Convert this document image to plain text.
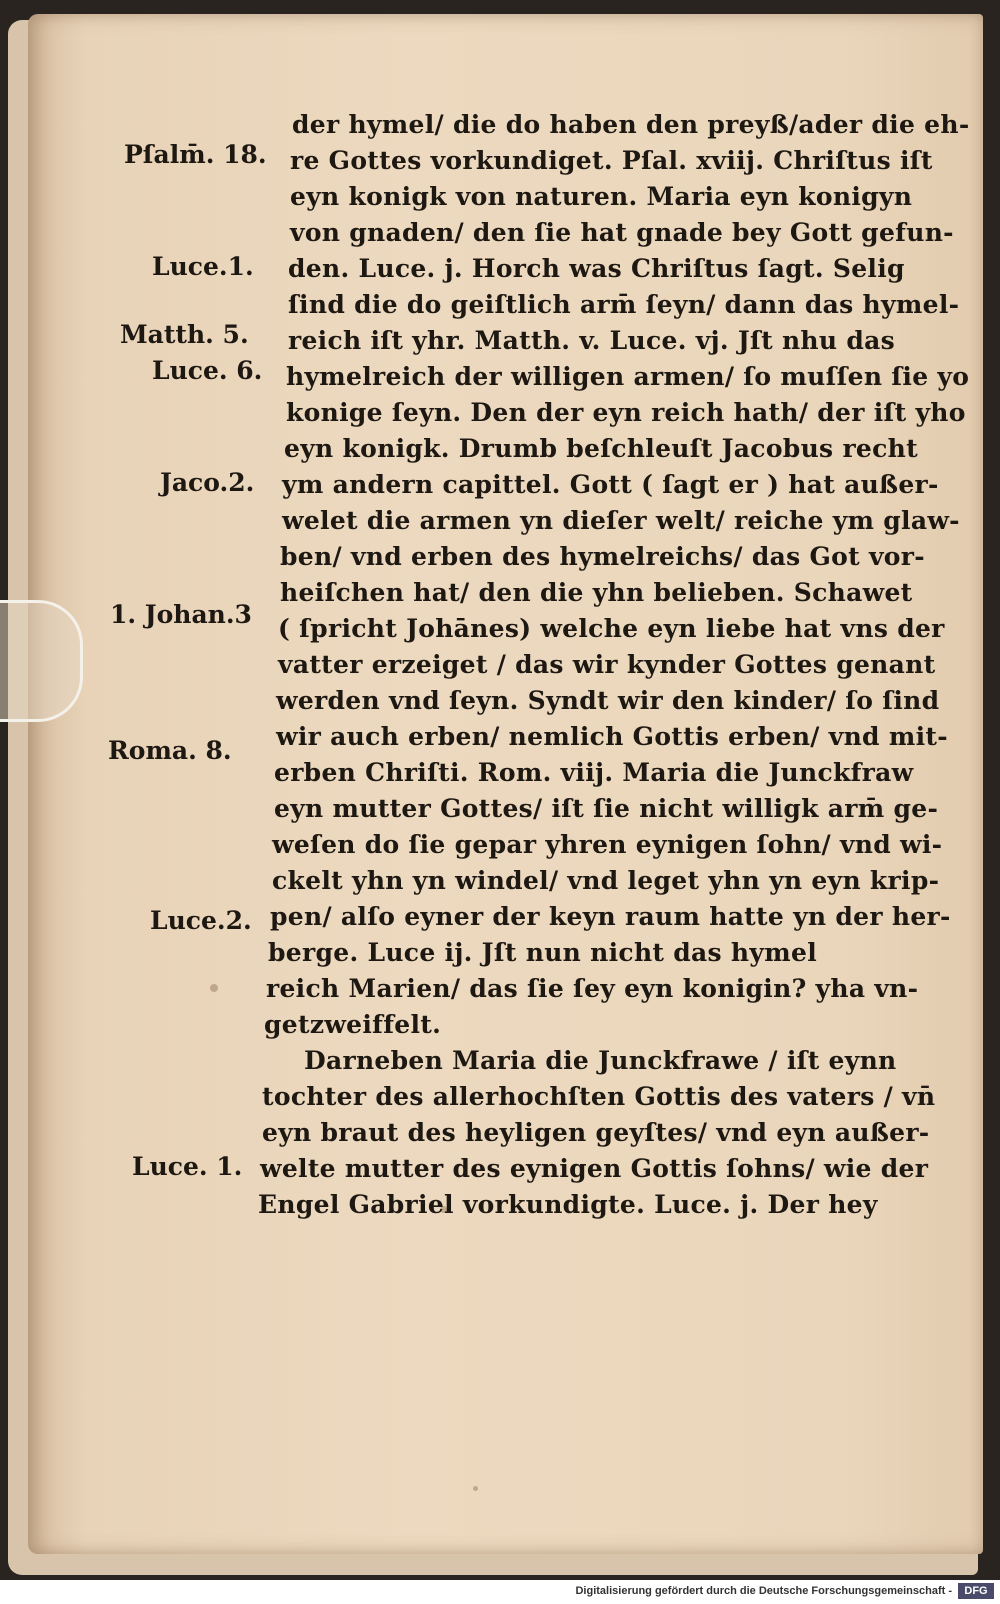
Pſalm̄. 18.
Luce.1.
Matth. 5.
Luce. 6.
Jaco.2.
1. Johan.3
Roma. 8.
Luce.2.
Luce. 1.
der hymel/ die do haben den preyß/ader die eh-
re Gottes vorkundiget. Pſal. xviij. Chriſtus iſt
eyn konigk von naturen. Maria eyn konigyn
von gnaden/ den ſie hat gnade bey Gott gefun-
den. Luce. j. Horch was Chriſtus ſagt. Selig
ſind die do geiſtlich arm̄ ſeyn/ dann das hymel-
reich iſt yhr. Matth. v. Luce. vj. Jſt nhu das
hymelreich der willigen armen/ ſo muſſen ſie yo
konige ſeyn. Den der eyn reich hath/ der iſt yho
eyn konigk. Drumb beſchleuſt Jacobus recht
ym andern capittel. Gott ( ſagt er ) hat außer-
welet die armen yn dieſer welt/ reiche ym glaw-
ben/ vnd erben des hymelreichs/ das Got vor-
heiſchen hat/ den die yhn belieben. Schawet
( ſpricht Johānes) welche eyn liebe hat vns der
vatter erzeiget / das wir kynder Gottes genant
werden vnd ſeyn. Syndt wir den kinder/ ſo ſind
wir auch erben/ nemlich Gottis erben/ vnd mit-
erben Chriſti. Rom. viij. Maria die Junckfraw
eyn mutter Gottes/ iſt ſie nicht willigk arm̄ ge-
weſen do ſie gepar yhren eynigen ſohn/ vnd wi-
ckelt yhn yn windel/ vnd leget yhn yn eyn krip-
pen/ alſo eyner der keyn raum hatte yn der her-
berge. Luce ij. Jſt nun nicht das hymel
reich Marien/ das ſie ſey eyn konigin? yha vn-
getzweiffelt.
Darneben Maria die Junckfrawe / iſt eynn
tochter des allerhochſten Gottis des vaters / vn̄
eyn braut des heyligen geyſtes/ vnd eyn außer-
welte mutter des eynigen Gottis ſohns/ wie der
Engel Gabriel vorkundigte. Luce. j. Der hey
Digitalisierung gefördert durch die Deutsche Forschungsgemeinschaft -	DFG
